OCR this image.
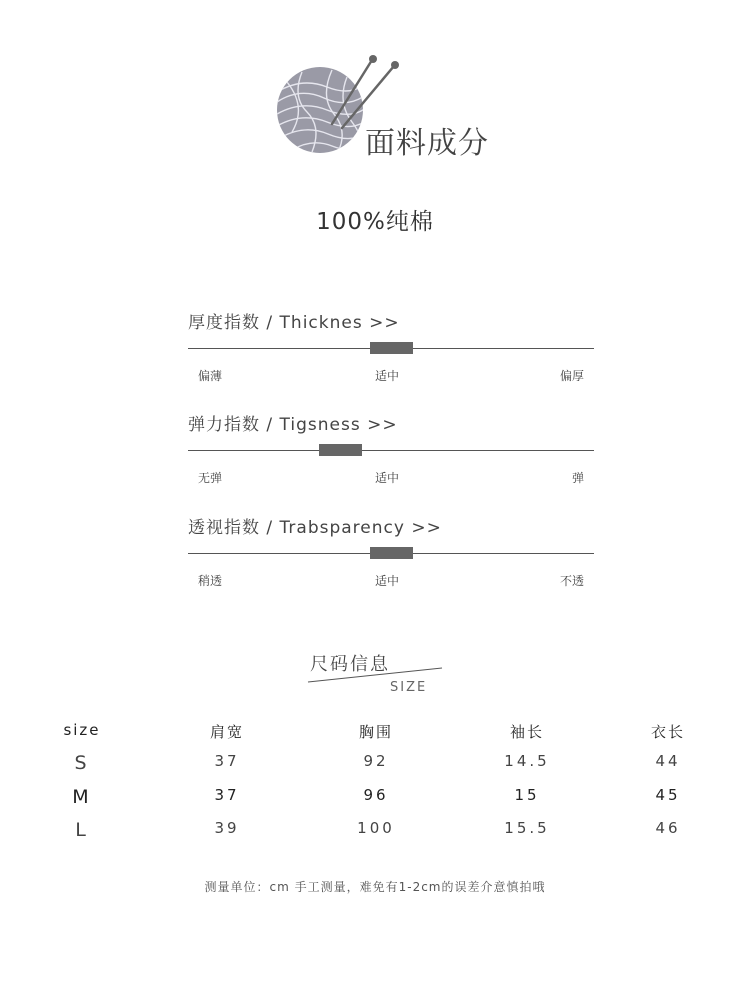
面料成分
100%纯棉
厚度指数 / Thicknes >>
偏薄	适中	偏厚
弹力指数 / Tigsness >>
无弹	适中	弹
透视指数 / Trabsparency >>
稍透	适中	不透
尺码信息
SIZE
size	肩宽	胸围	袖长	衣长
S	37	92	14.5	44
M	37	96	15	45
L	39	100	15.5	46
测量单位：cm 手工测量，难免有1-2cm的误差介意慎拍哦
